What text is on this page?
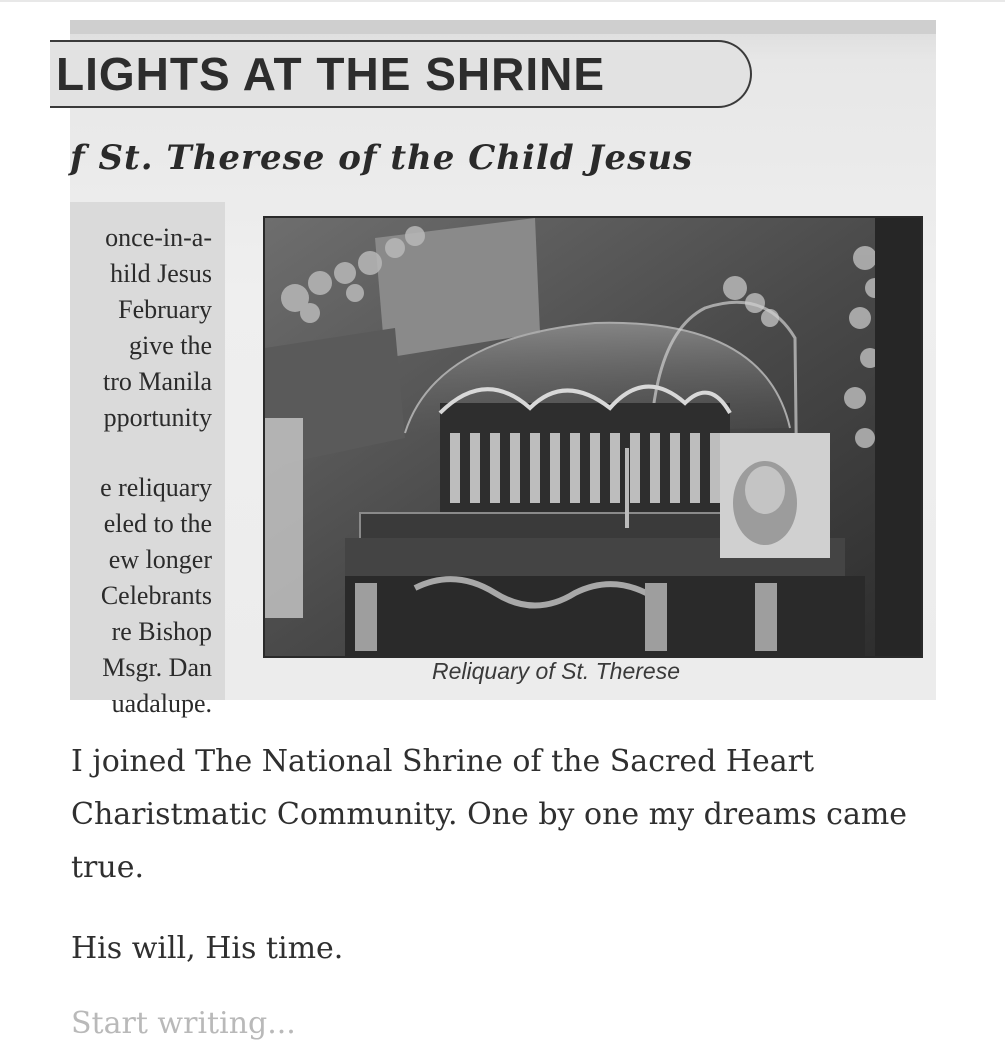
LIGHTS AT THE SHRINE
f St. Therese of the Child Jesus
once-in-a-
hild Jesus
February
give the
tro Manila
pportunity
e reliquary
eled to the
ew longer
Celebrants
re Bishop
Msgr. Dan
uadalupe.
Reliquary of St. Therese
I joined The National Shrine of the Sacred Heart Charistmatic Community. One by one my dreams came true.
His will, His time.
Start writing...
